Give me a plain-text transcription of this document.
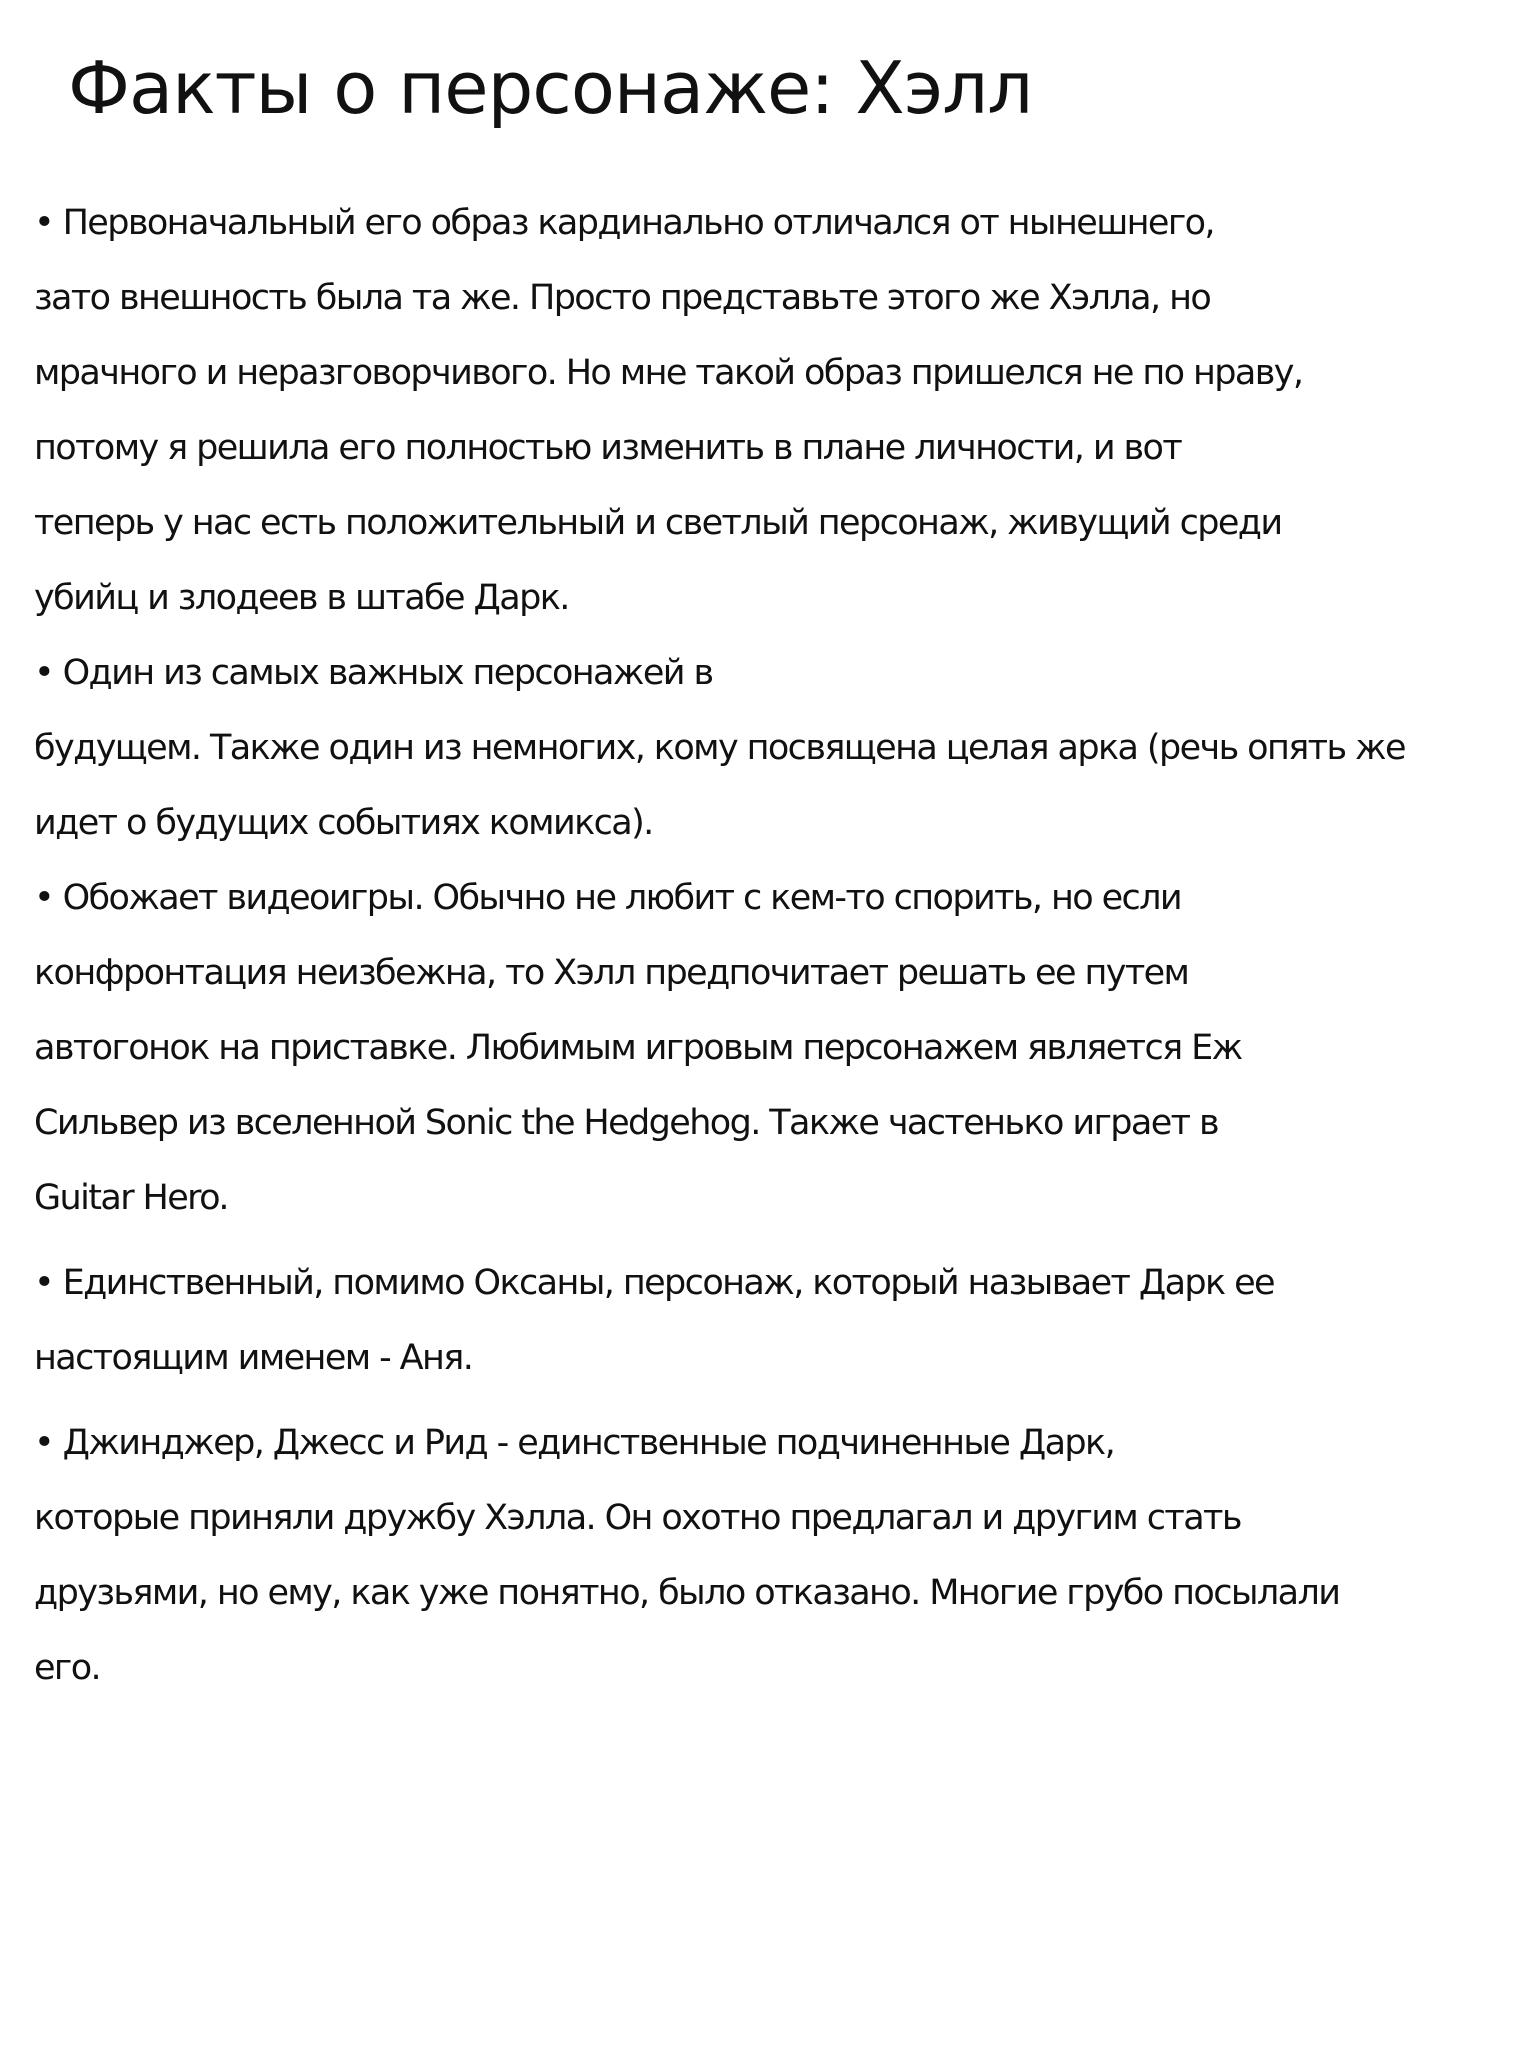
Факты о персонаже: Хэлл
• Первоначальный его образ кардинально отличался от нынешнего,
зато внешность была та же. Просто представьте этого же Хэлла, но
мрачного и неразговорчивого. Но мне такой образ пришелся не по нраву,
потому я решила его полностью изменить в плане личности, и вот
теперь у нас есть положительный и светлый персонаж, живущий среди
убийц и злодеев в штабе Дарк.
• Один из самых важных персонажей в
будущем. Также один из немногих, кому посвящена целая арка (речь опять же
идет о будущих событиях комикса).
• Обожает видеоигры. Обычно не любит с кем-то спорить, но если
конфронтация неизбежна, то Хэлл предпочитает решать ее путем
автогонок на приставке. Любимым игровым персонажем является Еж
Сильвер из вселенной Sonic the Hedgehog. Также частенько играет в
Guitar Hero.
• Единственный, помимо Оксаны, персонаж, который называет Дарк ее
настоящим именем - Аня.
• Джинджер, Джесс и Рид - единственные подчиненные Дарк,
которые приняли дружбу Хэлла. Он охотно предлагал и другим стать
друзьями, но ему, как уже понятно, было отказано. Многие грубо посылали
его.
